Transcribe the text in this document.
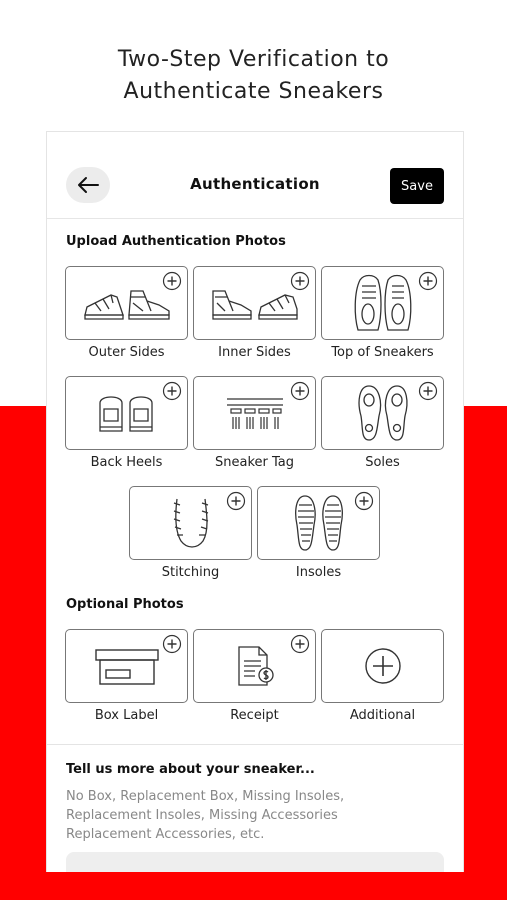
Two-Step Verification to
Authenticate Sneakers
Authentication	Save
Upload Authentication Photos
Outer Sides	Inner Sides	Top of Sneakers
Back Heels	Sneaker Tag	Soles
Stitching	Insoles
Optional Photos
Box Label	Receipt	Additional
Tell us more about your sneaker...
No Box, Replacement Box, Missing Insoles,
Replacement Insoles, Missing Accessories
Replacement Accessories, etc.
